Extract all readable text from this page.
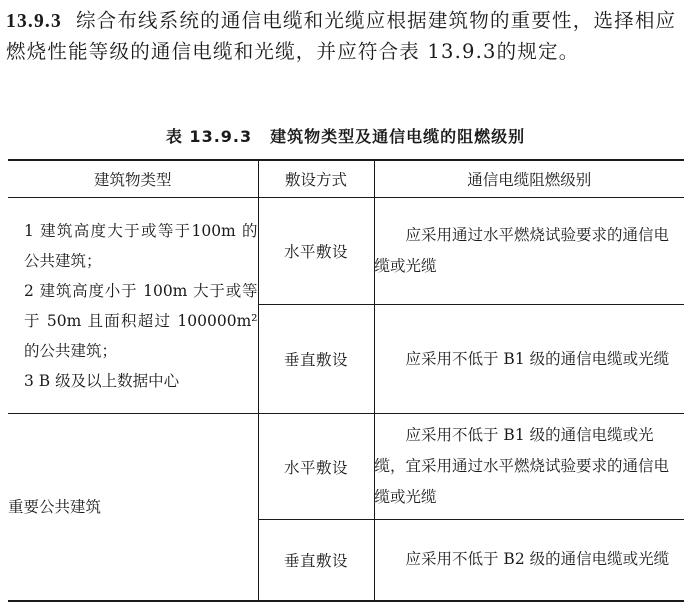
13.9.3 综合布线系统的通信电缆和光缆应根据建筑物的重要性，选择相应燃烧性能等级的通信电缆和光缆，并应符合表 13.9.3的规定。
表 13.9.3 建筑物类型及通信电缆的阻燃级别
建筑物类型	敷设方式	通信电缆阻燃级别

1 建筑高度大于或等于100m 的公共建筑；
2 建筑高度小于 100m 大于或等于 50m 且面积超过 100000m² 的公共建筑；
3 B 级及以上数据中心	水平敷设	应采用通过水平燃烧试验要求的通信电缆或光缆

	垂直敷设	应采用不低于 B1 级的通信电缆或光缆

重要公共建筑	水平敷设	应采用不低于 B1 级的通信电缆或光缆，宜采用通过水平燃烧试验要求的通信电缆或光缆

	垂直敷设	应采用不低于 B2 级的通信电缆或光缆
